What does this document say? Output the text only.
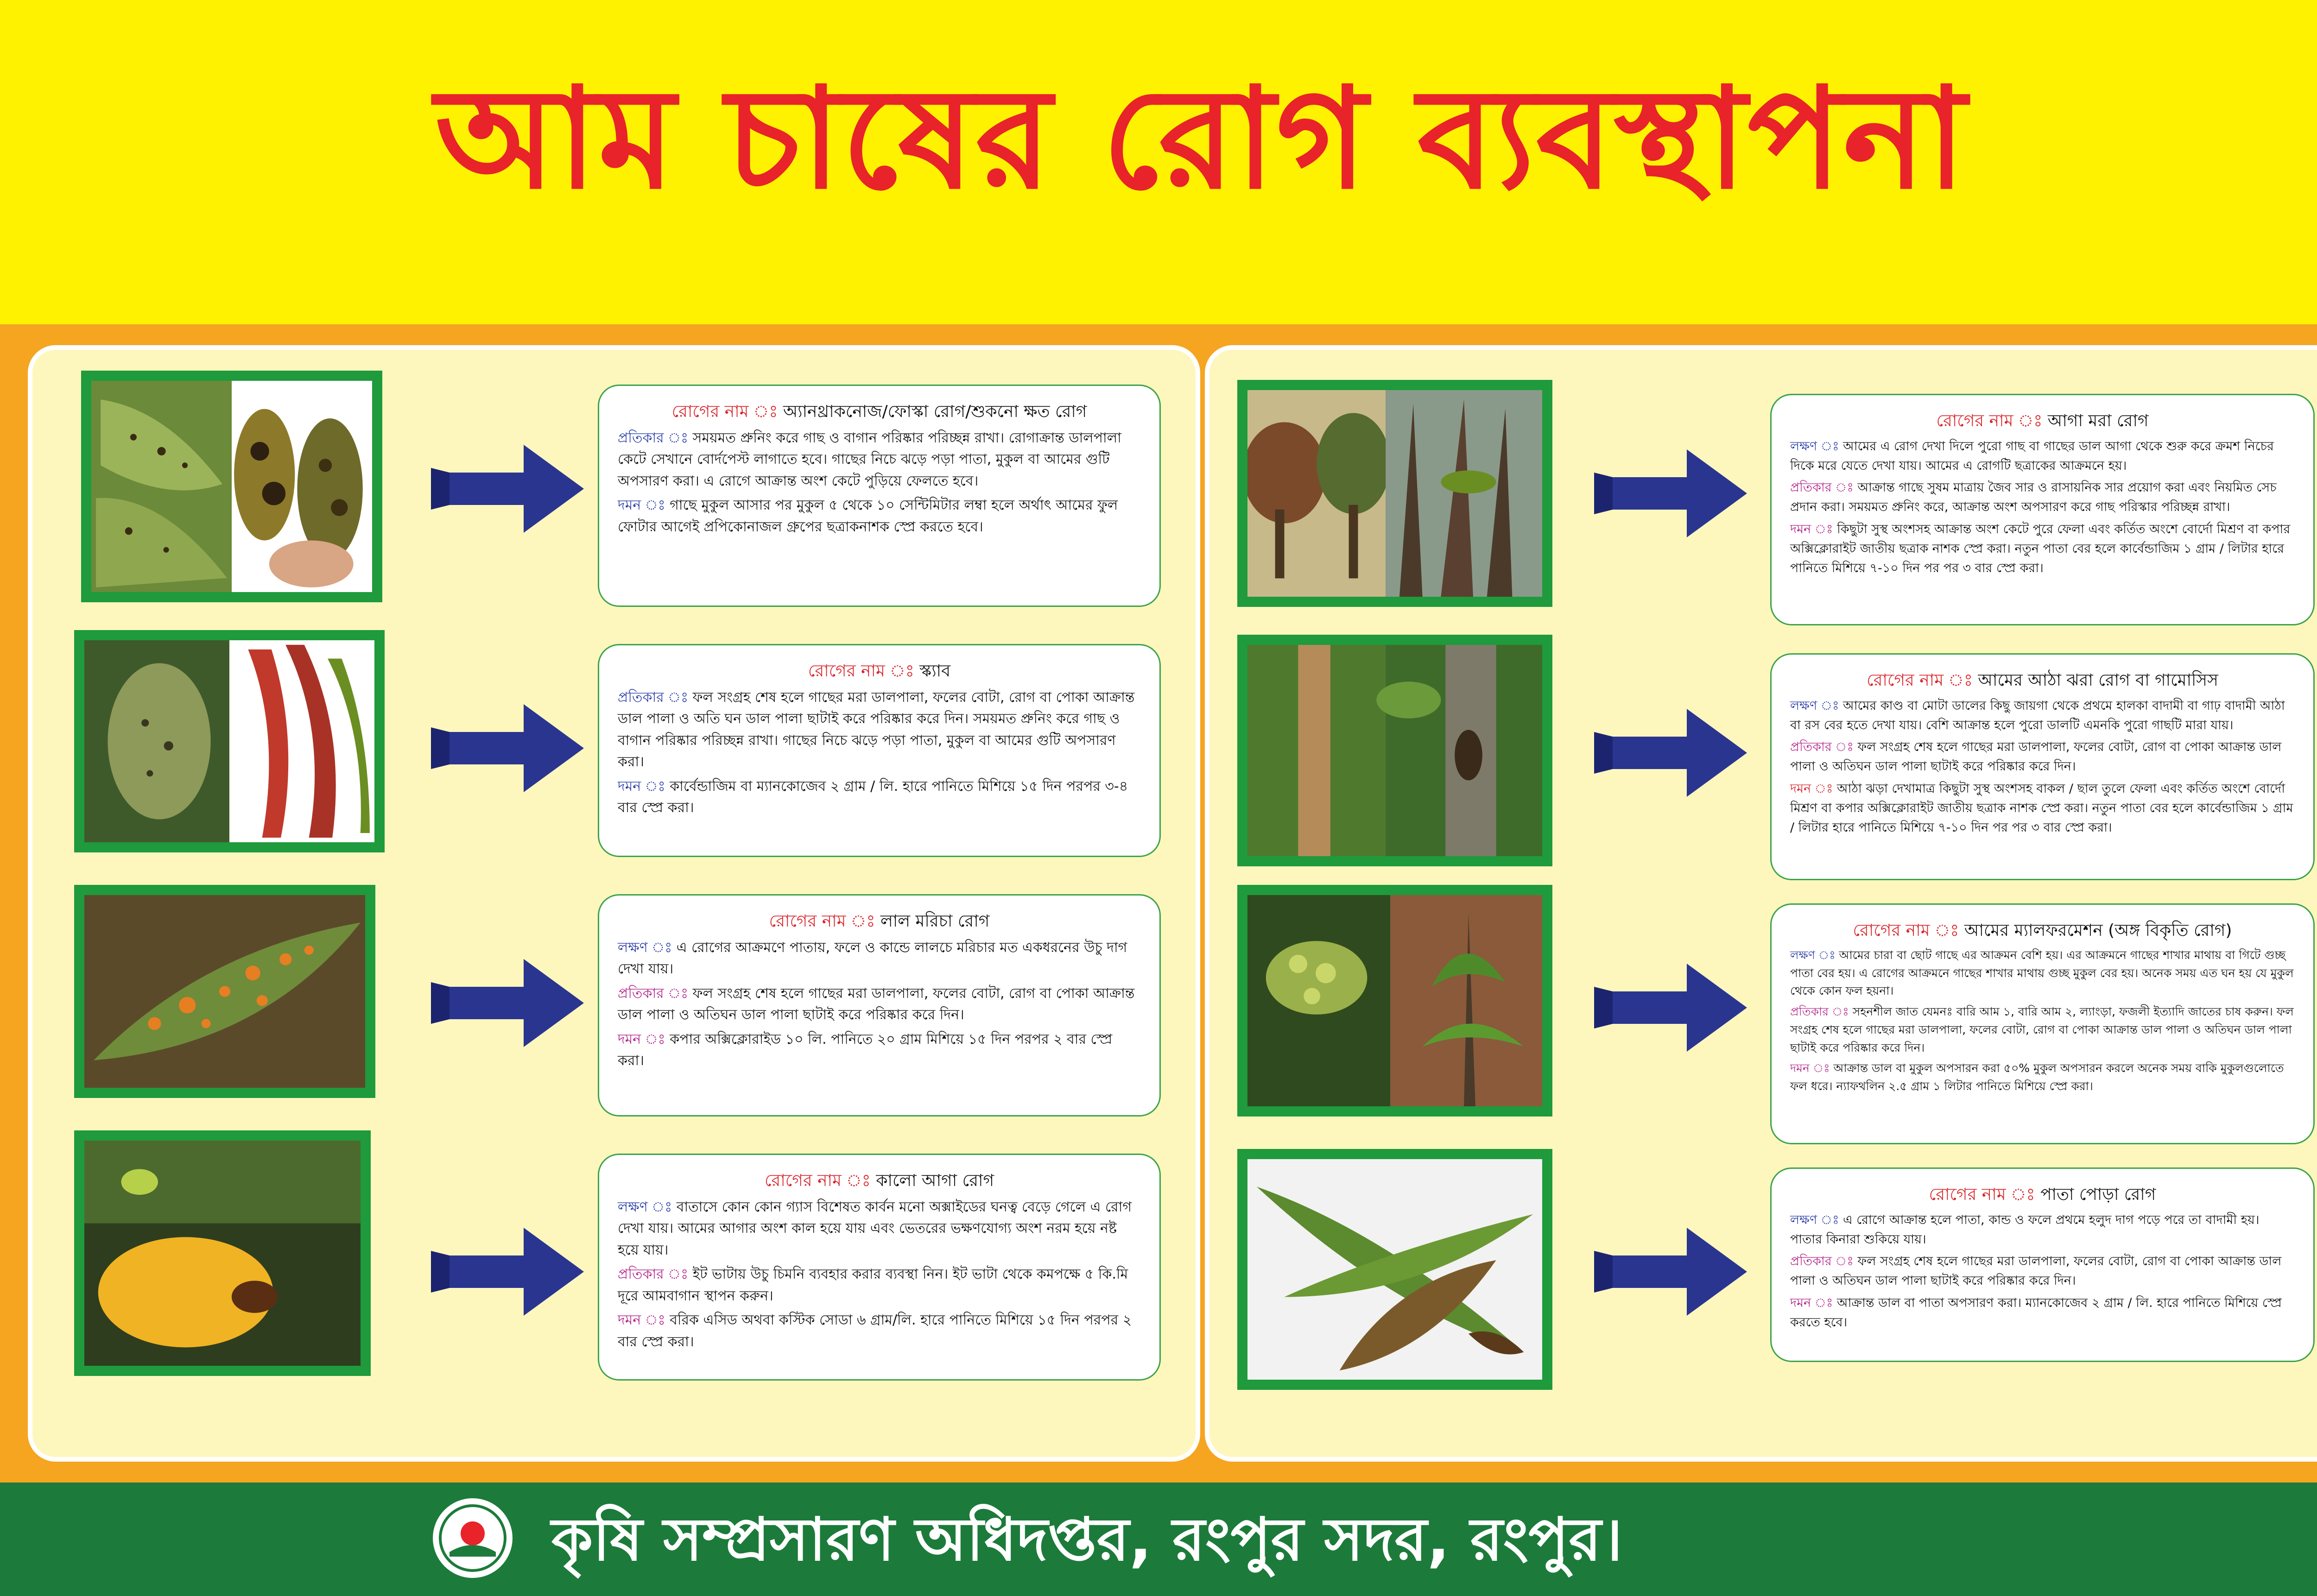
আম চাষের রোগ ব্যবস্থাপনা
রোগের নাম ঃ অ্যানথ্রাকনোজ/ফোস্কা রোগ/শুকনো ক্ষত রোগ

প্রতিকার ঃ সময়মত প্রুনিং করে গাছ ও বাগান পরিষ্কার পরিচ্ছন্ন রাখা। রোগাক্রান্ত ডালপালা কেটে সেখানে বোর্দপেস্ট লাগাতে হবে। গাছের নিচে ঝড়ে পড়া পাতা, মুকুল বা আমের গুটি অপসারণ করা। এ রোগে আক্রান্ত অংশ কেটে পুড়িয়ে ফেলতে হবে।

দমন ঃ গাছে মুকুল আসার পর মুকুল ৫ থেকে ১০ সেন্টিমিটার লম্বা হলে অর্থাৎ আমের ফুল ফোটার আগেই প্রপিকোনাজল গ্রুপের ছত্রাকনাশক স্প্রে করতে হবে।

রোগের নাম ঃ স্ক্যাব

প্রতিকার ঃ ফল সংগ্রহ শেষ হলে গাছের মরা ডালপালা, ফলের বোটা, রোগ বা পোকা আক্রান্ত ডাল পালা ও অতি ঘন ডাল পালা ছাটাই করে পরিষ্কার করে দিন। সময়মত প্রুনিং করে গাছ ও বাগান পরিষ্কার পরিচ্ছন্ন রাখা। গাছের নিচে ঝড়ে পড়া পাতা, মুকুল বা আমের গুটি অপসারণ করা।

দমন ঃ কার্বেন্ডাজিম বা ম্যানকোজেব ২ গ্রাম / লি. হারে পানিতে মিশিয়ে ১৫ দিন পরপর ৩-৪ বার স্প্রে করা।

রোগের নাম ঃ লাল মরিচা রোগ

লক্ষণ ঃ এ রোগের আক্রমণে পাতায়, ফলে ও কান্ডে লালচে মরিচার মত একধরনের উচু দাগ দেখা যায়।

প্রতিকার ঃ ফল সংগ্রহ শেষ হলে গাছের মরা ডালপালা, ফলের বোটা, রোগ বা পোকা আক্রান্ত ডাল পালা ও অতিঘন ডাল পালা ছাটাই করে পরিষ্কার করে দিন।

দমন ঃ কপার অক্সিক্লোরাইড ১০ লি. পানিতে ২০ গ্রাম মিশিয়ে ১৫ দিন পরপর ২ বার স্প্রে করা।

রোগের নাম ঃ কালো আগা রোগ

লক্ষণ ঃ বাতাসে কোন কোন গ্যাস বিশেষত কার্বন মনো অক্সাইডের ঘনত্ব বেড়ে গেলে এ রোগ দেখা যায়। আমের আগার অংশ কাল হয়ে যায় এবং ভেতরের ভক্ষণযোগ্য অংশ নরম হয়ে নষ্ট হয়ে যায়।

প্রতিকার ঃ ইট ভাটায় উচু চিমনি ব্যবহার করার ব্যবস্থা নিন। ইট ভাটা থেকে কমপক্ষে ৫ কি.মি দূরে আমবাগান স্থাপন করুন।

দমন ঃ বরিক এসিড অথবা কস্টিক সোডা ৬ গ্রাম/লি. হারে পানিতে মিশিয়ে ১৫ দিন পরপর ২ বার স্প্রে করা।

রোগের নাম ঃ আগা মরা রোগ

লক্ষণ ঃ আমের এ রোগ দেখা দিলে পুরো গাছ বা গাছের ডাল আগা থেকে শুরু করে ক্রমশ নিচের দিকে মরে যেতে দেখা যায়। আমের এ রোগটি ছত্রাকের আক্রমনে হয়।

প্রতিকার ঃ আক্রান্ত গাছে সুষম মাত্রায় জৈব সার ও রাসায়নিক সার প্রয়োগ করা এবং নিয়মিত সেচ প্রদান করা। সময়মত প্রুনিং করে, আক্রান্ত অংশ অপসারণ করে গাছ পরিস্কার পরিচ্ছন্ন রাখা।

দমন ঃ কিছুটা সুস্থ অংশসহ আক্রান্ত অংশ কেটে পুরে ফেলা এবং কর্তিত অংশে বোর্দো মিশ্রণ বা কপার অক্সিক্লোরাইট জাতীয় ছত্রাক নাশক স্প্রে করা। নতুন পাতা বের হলে কার্বেন্ডাজিম ১ গ্রাম / লিটার হারে পানিতে মিশিয়ে ৭-১০ দিন পর পর ৩ বার স্প্রে করা।

রোগের নাম ঃ আমের আঠা ঝরা রোগ বা গামোসিস

লক্ষণ ঃ আমের কাণ্ড বা মোটা ডালের কিছু জায়গা থেকে প্রথমে হালকা বাদামী বা গাঢ় বাদামী আঠা বা রস বের হতে দেখা যায়। বেশি আক্রান্ত হলে পুরো ডালটি এমনকি পুরো গাছটি মারা যায়।

প্রতিকার ঃ ফল সংগ্রহ শেষ হলে গাছের মরা ডালপালা, ফলের বোটা, রোগ বা পোকা আক্রান্ত ডাল পালা ও অতিঘন ডাল পালা ছাটাই করে পরিষ্কার করে দিন।

দমন ঃ আঠা ঝড়া দেখামাত্র কিছুটা সুস্থ অংশসহ বাকল / ছাল তুলে ফেলা এবং কর্তিত অংশে বোর্দো মিশ্রণ বা কপার অক্সিক্লোরাইট জাতীয় ছত্রাক নাশক স্প্রে করা। নতুন পাতা বের হলে কার্বেন্ডাজিম ১ গ্রাম / লিটার হারে পানিতে মিশিয়ে ৭-১০ দিন পর পর ৩ বার স্প্রে করা।

রোগের নাম ঃ আমের ম্যালফরমেশন (অঙ্গ বিকৃতি রোগ)

লক্ষণ ঃ আমের চারা বা ছোট গাছে এর আক্রমন বেশি হয়। এর আক্রমনে গাছের শাখার মাথায় বা গিটে গুচ্ছ পাতা বের হয়। এ রোগের আক্রমনে গাছের শাখার মাথায় গুচ্ছ মুকুল বের হয়। অনেক সময় এত ঘন হয় যে মুকুল থেকে কোন ফল হয়না।

প্রতিকার ঃ সহনশীল জাত যেমনঃ বারি আম ১, বারি আম ২, ল্যাংড়া, ফজলী ইত্যাদি জাতের চাষ করুন। ফল সংগ্রহ শেষ হলে গাছের মরা ডালপালা, ফলের বোটা, রোগ বা পোকা আক্রান্ত ডাল পালা ও অতিঘন ডাল পালা ছাটাই করে পরিষ্কার করে দিন।

দমন ঃ আক্রান্ত ডাল বা মুকুল অপসারন করা ৫০% মুকুল অপসারন করলে অনেক সময় বাকি মুকুলগুলোতে ফল ধরে। ন্যাফথলিন ২.৫ গ্রাম ১ লিটার পানিতে মিশিয়ে স্প্রে করা।

রোগের নাম ঃ পাতা পোড়া রোগ

লক্ষণ ঃ এ রোগে আক্রান্ত হলে পাতা, কান্ড ও ফলে প্রথমে হলুদ দাগ পড়ে পরে তা বাদামী হয়। পাতার কিনারা শুকিয়ে যায়।

প্রতিকার ঃ ফল সংগ্রহ শেষ হলে গাছের মরা ডালপালা, ফলের বোটা, রোগ বা পোকা আক্রান্ত ডাল পালা ও অতিঘন ডাল পালা ছাটাই করে পরিষ্কার করে দিন।

দমন ঃ আক্রান্ত ডাল বা পাতা অপসারণ করা। ম্যানকোজেব ২ গ্রাম / লি. হারে পানিতে মিশিয়ে স্প্রে করতে হবে।

কৃষি সম্প্রসারণ অধিদপ্তর, রংপুর সদর, রংপুর।
